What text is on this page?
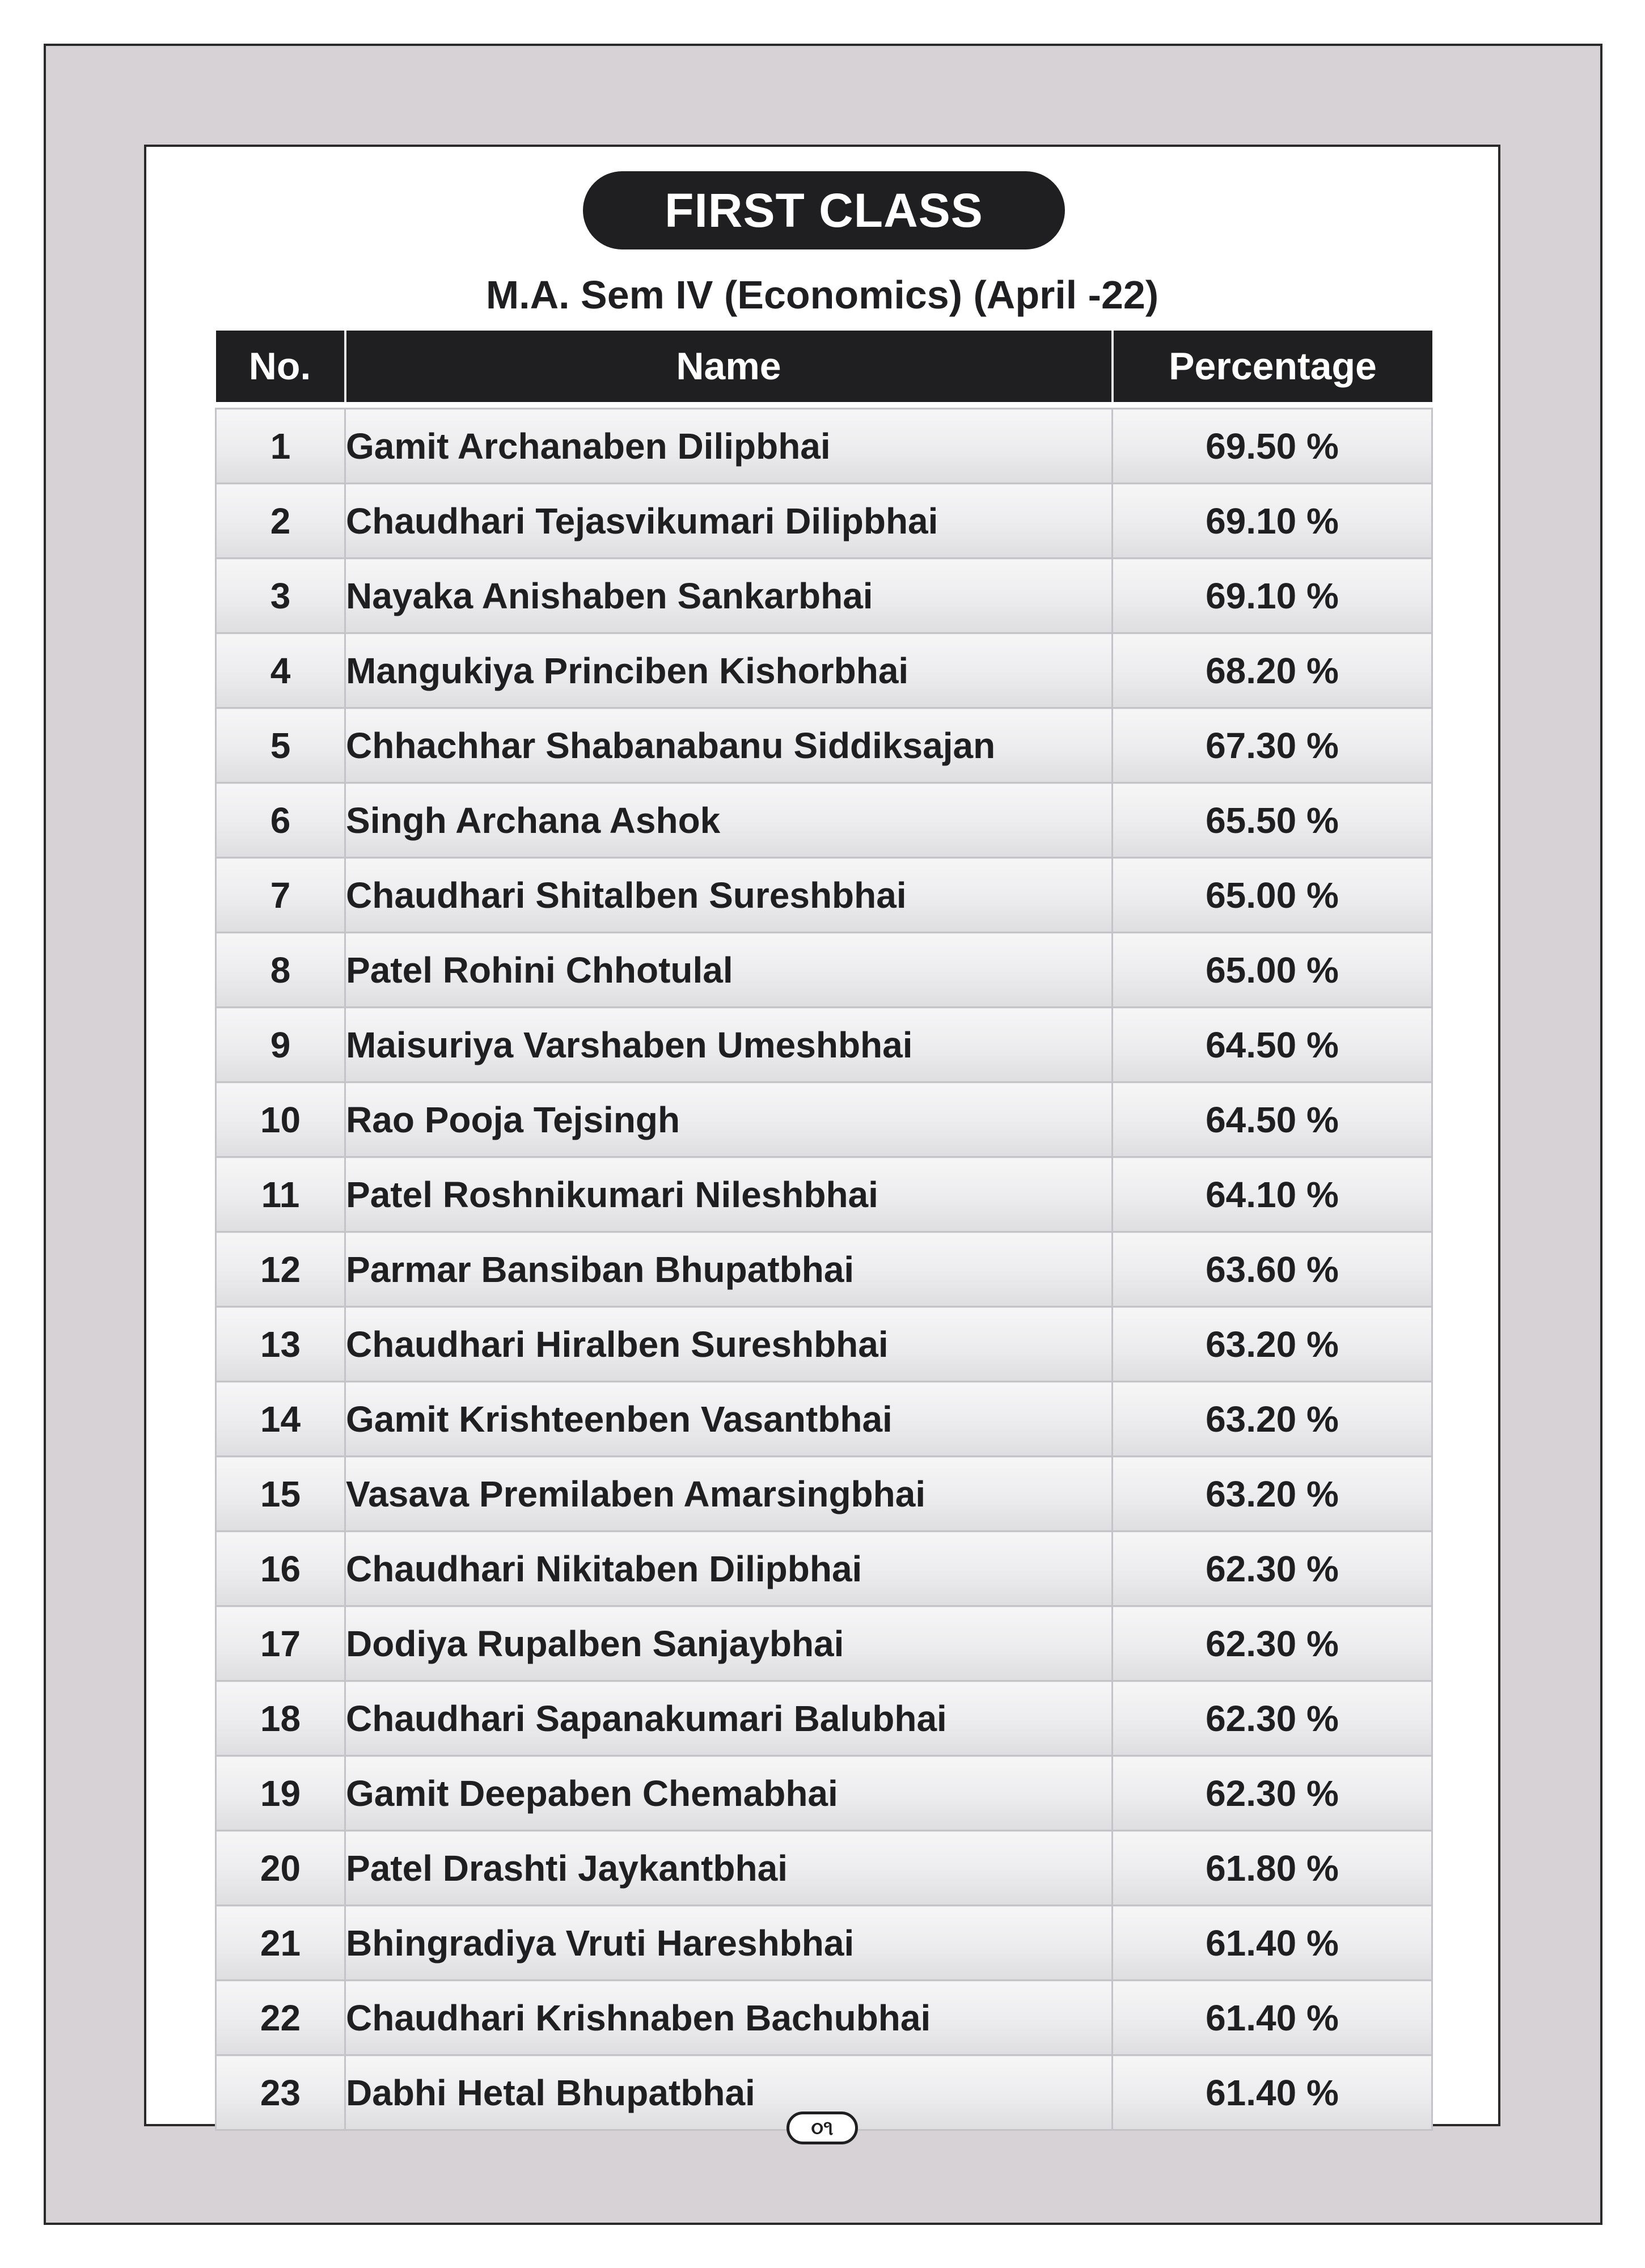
FIRST CLASS
M.A. Sem IV (Economics) (April -22)
No.	Name	Percentage

1	Gamit Archanaben Dilipbhai	69.50 %
2	Chaudhari Tejasvikumari Dilipbhai	69.10 %
3	Nayaka Anishaben Sankarbhai	69.10 %
4	Mangukiya Princiben Kishorbhai	68.20 %
5	Chhachhar Shabanabanu Siddiksajan	67.30 %
6	Singh Archana Ashok	65.50 %
7	Chaudhari Shitalben Sureshbhai	65.00 %
8	Patel Rohini Chhotulal	65.00 %
9	Maisuriya Varshaben Umeshbhai	64.50 %
10	Rao Pooja Tejsingh	64.50 %
11	Patel Roshnikumari Nileshbhai	64.10 %
12	Parmar Bansiban Bhupatbhai	63.60 %
13	Chaudhari Hiralben Sureshbhai	63.20 %
14	Gamit Krishteenben Vasantbhai	63.20 %
15	Vasava Premilaben Amarsingbhai	63.20 %
16	Chaudhari Nikitaben Dilipbhai	62.30 %
17	Dodiya Rupalben Sanjaybhai	62.30 %
18	Chaudhari Sapanakumari Balubhai	62.30 %
19	Gamit Deepaben Chemabhai	62.30 %
20	Patel Drashti Jaykantbhai	61.80 %
21	Bhingradiya Vruti Hareshbhai	61.40 %
22	Chaudhari Krishnaben Bachubhai	61.40 %
23	Dabhi Hetal Bhupatbhai	61.40 %
૦૧
